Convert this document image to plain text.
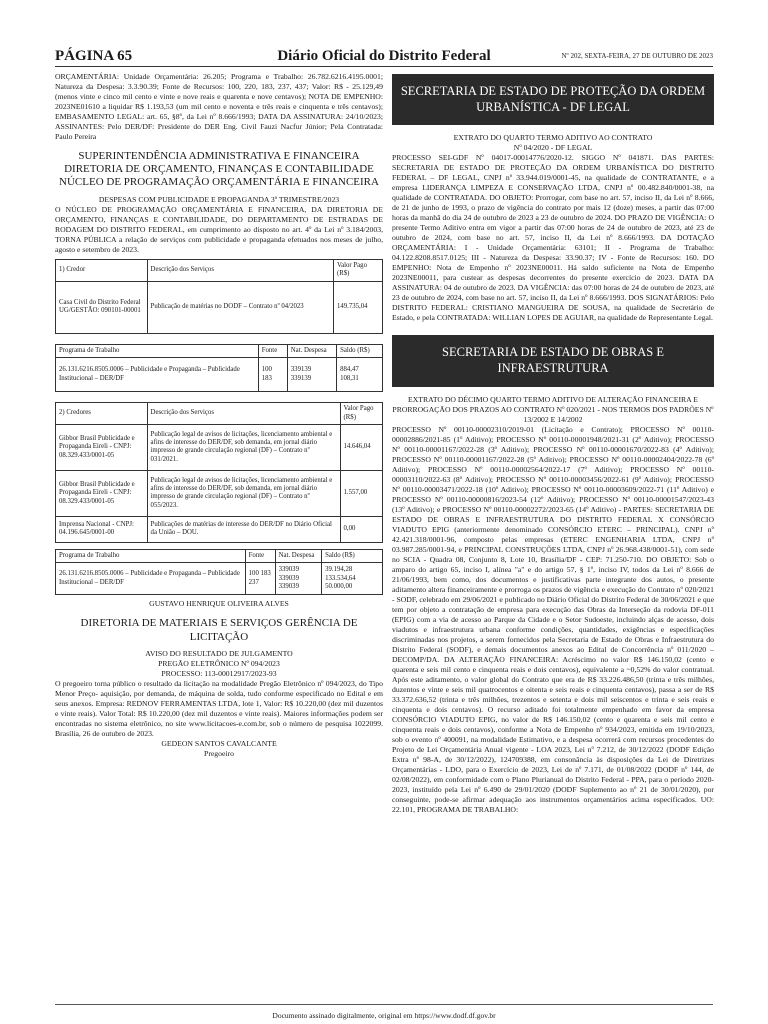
PÁGINA 65	Diário Oficial do Distrito Federal	Nº 202, SEXTA-FEIRA, 27 DE OUTUBRO DE 2023

ORÇAMENTÁRIA: Unidade Orçamentária: 26.205; Programa e Trabalho: 26.782.6216.4195.0001; Natureza da Despesa: 3.3.90.39; Fonte de Recursos: 100, 220, 183, 237, 437; Valor: R$ - 25.129,49 (menos vinte e cinco mil cento e vinte e nove reais e quarenta e nove centavos); NOTA DE EMPENHO: 2023NE01610 a liquidar R$ 1.193,53 (um mil cento e noventa e três reais e cinquenta e três centavos); EMBASAMENTO LEGAL: art. 65, §8º, da Lei nº 8.666/1993; DATA DA ASSINATURA: 24/10/2023; ASSINANTES: Pelo DER/DF: Presidente do DER Eng. Civil Fauzi Nacfur Júnior; Pela Contratada: Paulo Pereira

SUPERINTENDÊNCIA ADMINISTRATIVA E FINANCEIRA DIRETORIA DE ORÇAMENTO, FINANÇAS E CONTABILIDADE NÚCLEO DE PROGRAMAÇÃO ORÇAMENTÁRIA E FINANCEIRA

DESPESAS COM PUBLICIDADE E PROPAGANDA 3º TRIMESTRE/2023

O NÚCLEO DE PROGRAMAÇÃO ORÇAMENTÁRIA E FINANCEIRA, DA DIRETORIA DE ORÇAMENTO, FINANÇAS E CONTABILIDADE, DO DEPARTAMENTO DE ESTRADAS DE RODAGEM DO DISTRITO FEDERAL, em cumprimento ao disposto no art. 4º da Lei nº 3.184/2003, TORNA PÚBLICA a relação de serviços com publicidade e propaganda efetuados nos meses de julho, agosto e setembro de 2023.

1) Credor	Descrição dos Serviços	Valor Pago (R$)
Casa Civil do Distrito Federal UG/GESTÃO: 090101-00001	Publicação de matérias no DODF – Contrato nº 04/2023	149.735,04
Programa de Trabalho	Fonte	Nat. Despesa	Saldo (R$)
26.131.6216.8505.0006 – Publicidade e Propaganda – Publicidade Institucional – DER/DF	100 183	339139 339139	884,47 108,31
2) Credores	Descrição dos Serviços	Valor Pago (R$)
Gibbor Brasil Publicidade e Propaganda Eireli - CNPJ: 08.329.433/0001-05	Publicação legal de avisos de licitações, licenciamento ambiental e afins de interesse do DER/DF, sob demanda, em jornal diário impresso de grande circulação regional (DF) – Contrato nº 031/2021.	14.646,04
Gibbor Brasil Publicidade e Propaganda Eireli - CNPJ: 08.329.433/0001-05	Publicação legal de avisos de licitações, licenciamento ambiental e afins de interesse do DER/DF, sob demanda, em jornal diário impresso de grande circulação regional (DF) – Contrato nº 055/2023.	1.557,00
Imprensa Nacional - CNPJ: 04.196.645/0001-00	Publicações de matérias de interesse do DER/DF no Diário Oficial da União – DOU.	0,00
Programa de Trabalho	Fonte	Nat. Despesa	Saldo (R$)
26.131.6216.8505.0006 – Publicidade e Propaganda – Publicidade Institucional – DER/DF	100 183 237	339039 339039 339039	39.194,28 133.534,64 50.000,00

GUSTAVO HENRIQUE OLIVEIRA ALVES

DIRETORIA DE MATERIAIS E SERVIÇOS GERÊNCIA DE LICITAÇÃO

AVISO DO RESULTADO DE JULGAMENTO

PREGÃO ELETRÔNICO Nº 094/2023

PROCESSO: 113-00012917/2023-93

O pregoeiro torna público o resultado da licitação na modalidade Pregão Eletrônico nº 094/2023, do Tipo Menor Preço- aquisição, por demanda, de máquina de solda, tudo conforme especificado no Edital e em seus anexos. Empresa: REDNOV FERRAMENTAS LTDA, lote 1, Valor: R$ 10.220,00 (dez mil duzentos e vinte reais). Valor Total: R$ 10.220,00 (dez mil duzentos e vinte reais). Maiores informações podem ser encontradas no sistema eletrônico, no site www.licitacoes-e.com.br, sob o número de pesquisa 1022099. Brasília, 26 de outubro de 2023.

GEDEON SANTOS CAVALCANTE

Pregoeiro

SECRETARIA DE ESTADO DE PROTEÇÃO DA ORDEM URBANÍSTICA - DF LEGAL

EXTRATO DO QUARTO TERMO ADITIVO AO CONTRATO

Nº 04/2020 - DF LEGAL

PROCESSO SEI-GDF Nº 04017-00014776/2020-12. SIGGO Nº 041871. DAS PARTES: SECRETARIA DE ESTADO DE PROTEÇÃO DA ORDEM URBANÍSTICA DO DISTRITO FEDERAL – DF LEGAL, CNPJ nº 33.944.019/0001-45, na qualidade de CONTRATANTE, e a empresa LIDERANÇA LIMPEZA E CONSERVAÇÃO LTDA, CNPJ nº 00.482.840/0001-38, na qualidade de CONTRATADA. DO OBJETO: Prorrogar, com base no art. 57, inciso II, da Lei nº 8.666, de 21 de junho de 1993, o prazo de vigência do contrato por mais 12 (doze) meses, a partir das 07:00 horas da manhã do dia 24 de outubro de 2023 a 23 de outubro de 2024. DO PRAZO DE VIGÊNCIA: O presente Termo Aditivo entra em vigor a partir das 07:00 horas de 24 de outubro de 2023, até 23 de outubro de 2024, com base no art. 57, inciso II, da Lei nº 8.666/1993. DA DOTAÇÃO ORÇAMENTÁRIA: I - Unidade Orçamentária: 63101; II - Programa de Trabalho: 04.122.8208.8517.0125; III - Natureza da Despesa: 33.90.37; IV - Fonte de Recursos: 160. DO EMPENHO: Nota de Empenho nº 2023NE00011. Há saldo suficiente na Nota de Empenho 2023NE00011, para custear as despesas decorrentes do presente exercício de 2023. DATA DA ASSINATURA: 04 de outubro de 2023. DA VIGÊNCIA: das 07:00 horas de 24 de outubro de 2023, até 23 de outubro de 2024, com base no art. 57, inciso II, da Lei nº 8.666/1993. DOS SIGNATÁRIOS: Pelo DISTRITO FEDERAL: CRISTIANO MANGUEIRA DE SOUSA, na qualidade de Secretário de Estado, e pela CONTRATADA: WILLIAN LOPES DE AGUIAR, na qualidade de Representante Legal.

SECRETARIA DE ESTADO DE OBRAS E INFRAESTRUTURA

EXTRATO DO DÉCIMO QUARTO TERMO ADITIVO DE ALTERAÇÃO FINANCEIRA E PRORROGAÇÃO DOS PRAZOS AO CONTRATO Nº 020/2021 - NOS TERMOS DOS PADRÕES Nº 13/2002 E 14/2002

PROCESSO Nº 00110-00002310/2019-01 (Licitação e Contrato); PROCESSO Nº 00110-00002886/2021-85 (1º Aditivo); PROCESSO Nº 00110-00001948/2021-31 (2º Aditivo); PROCESSO Nº 00110-00001167/2022-28 (3º Aditivo); PROCESSO Nº 00110-00001670/2022-83 (4º Aditivo); PROCESSO Nº 00110-00001167/2022-28 (5º Aditivo); PROCESSO Nº 00110-00002404/2022-78 (6º Aditivo); PROCESSO Nº 00110-00002564/2022-17 (7º Aditivo); PROCESSO Nº 00110-00003110/2022-63 (8º Aditivo); PROCESSO Nº 00110-00003456/2022-61 (9º Aditivo); PROCESSO Nº 00110-00003471/2022-18 (10º Aditivo); PROCESSO Nº 00110-00003609/2022-71 (11º Aditivo) e PROCESSO Nº 00110-00000816/2023-54 (12º Aditivo); PROCESSO Nº 00110-00001547/2023-43 (13º Aditivo); e PROCESSO Nº 00110-00002272/2023-65 (14º Aditivo) - PARTES: SECRETARIA DE ESTADO DE OBRAS E INFRAESTRUTURA DO DISTRITO FEDERAL X CONSÓRCIO VIADUTO EPIG (anteriormente denominado CONSÓRCIO ETERC – PRINCIPAL), CNPJ nº 42.421.318/0001-96, composto pelas empresas (ETERC ENGENHARIA LTDA, CNPJ nº 03.987.285/0001-94, e PRINCIPAL CONSTRUÇÕES LTDA, CNPJ nº 26.968.438/0001-51), com sede no SCIA - Quadra 08, Conjunto 8, Lote 10, Brasília/DF - CEP: 71.250-710. DO OBJETO: Sob o amparo do artigo 65, inciso I, alínea "a" e do artigo 57, § 1º, inciso IV, todos da Lei nº 8.666 de 21/06/1993, bem como, dos documentos e justificativas parte integrante dos autos, o presente aditamento altera financeiramente e prorroga os prazos de vigência e execução do Contrato nº 020/2021 - SODF, celebrado em 29/06/2021 e publicado no Diário Oficial do Distrito Federal de 30/06/2021 e que tem por objeto a contratação de empresa para execução das Obras da Interseção da rodovia DF-011 (EPIG) com a via de acesso ao Parque da Cidade e o Setor Sudoeste, incluindo alças de acesso, dois viadutos e infraestrutura urbana conforme condições, quantidades, exigências e especificações discriminadas nos projetos, a serem fornecidos pela Secretaria de Estado de Obras e Infraestrutura do Distrito Federal (SODF), e demais documentos anexos ao Edital de Concorrência nº 011/2020 – DECOMP/DA. DA ALTERAÇÃO FINANCEIRA: Acréscimo no valor R$ 146.150,02 (cento e quarenta e seis mil cento e cinquenta reais e dois centavos), equivalente a ~0,52% do valor contratual. Após este aditamento, o valor global do Contrato que era de R$ 33.226.486,50 (trinta e três milhões, duzentos e vinte e seis mil quatrocentos e oitenta e seis reais e cinquenta centavos), passa a ser de R$ 33.372.636,52 (trinta e três milhões, trezentos e setenta e dois mil seiscentos e trinta e seis reais e cinquenta e dois centavos). O recurso aditado foi totalmente empenhado em favor da empresa CONSÓRCIO VIADUTO EPIG, no valor de R$ 146.150,02 (cento e quarenta e seis mil cento e cinquenta reais e dois centavos), conforme a Nota de Empenho nº 934/2023, emitida em 19/10/2023, sob o evento nº 400091, na modalidade Estimativo, e a despesa ocorrerá com recursos procedentes do Projeto de Lei Orçamentária Anual vigente - LOA 2023, Lei nº 7.212, de 30/12/2022 (DODF Edição Extra nº 98-A, de 30/12/2022), 124709388, em consonância às disposições da Lei de Diretrizes Orçamentárias - LDO, para o Exercício de 2023, Lei de nº 7.171, de 01/08/2022 (DODF nº 144, de 02/08/2022), em conformidade com o Plano Plurianual do Distrito Federal - PPA, para o período 2020-2023, instituído pela Lei nº 6.490 de 29/01/2020 (DODF Suplemento ao nº 21 de 30/01/2020), por conseguinte, pode-se afirmar adequação aos instrumentos orçamentários acima especificados. UO: 22.101, PROGRAMA DE TRABALHO:

Documento assinado digitalmente, original em https://www.dodf.df.gov.br
